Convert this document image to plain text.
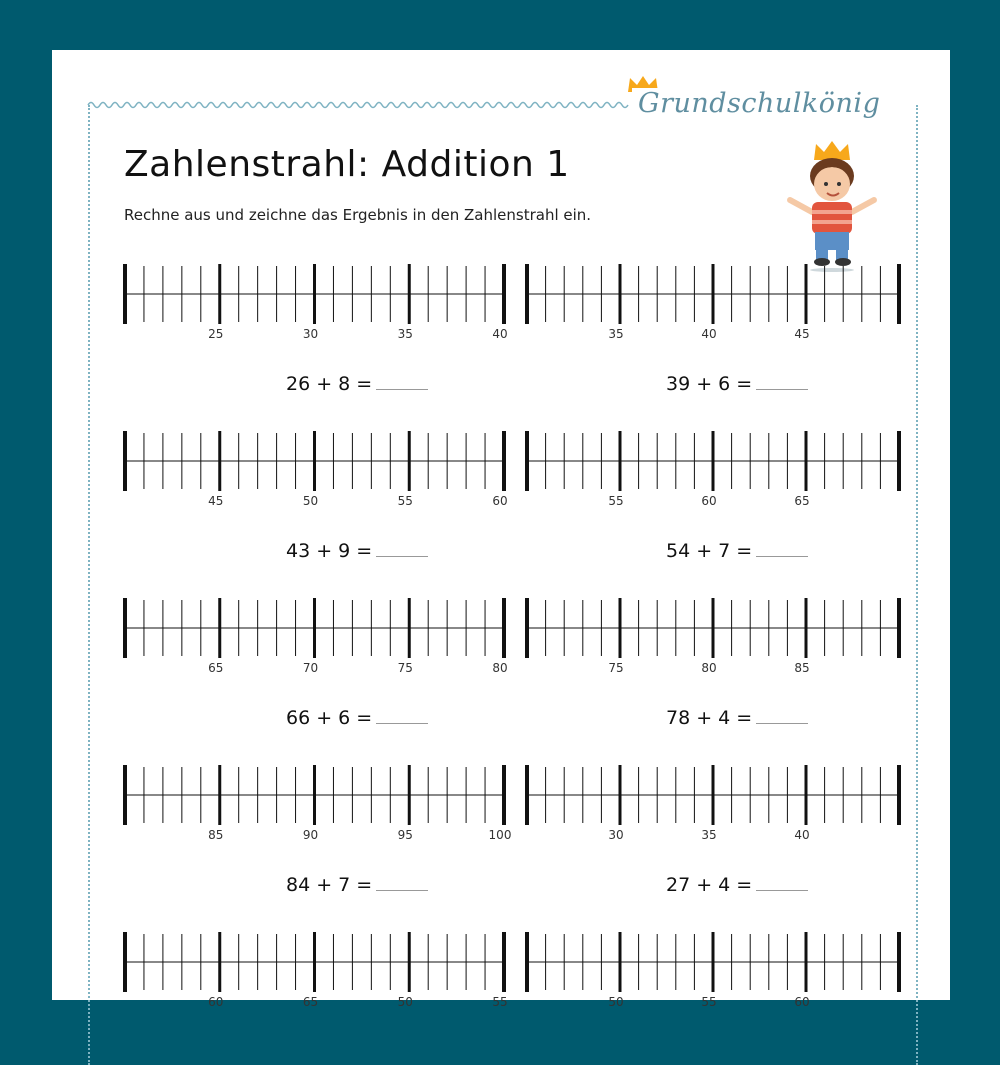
Grundschulkönig
Zahlenstrahl: Addition 1
Rechne aus und zeichne das Ergebnis in den Zahlenstrahl ein.
25	30	35	40	35	40	45
26 + 8 =	39 + 6 =
45	50	55	60	55	60	65
43 + 9 =	54 + 7 =
65	70	75	80	75	80	85
66 + 6 =	78 + 4 =
85	90	95	100	30	35	40
84 + 7 =	27 + 4 =
60	65	50	55	50	55	60
